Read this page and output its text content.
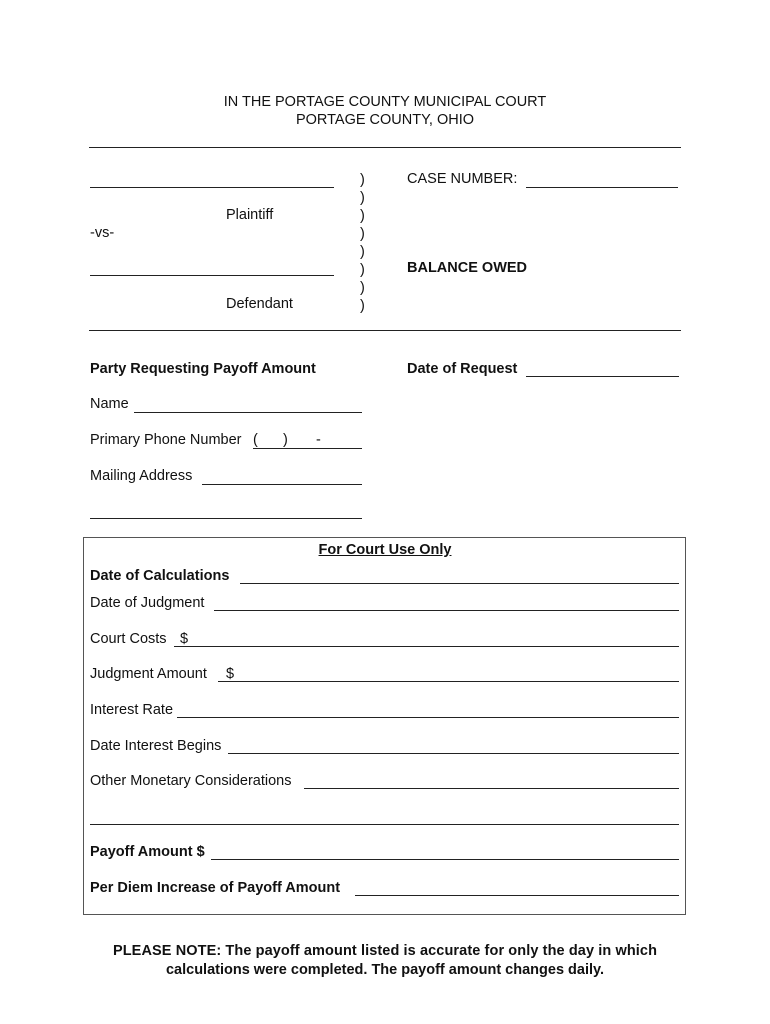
IN THE PORTAGE COUNTY MUNICIPAL COURT
PORTAGE COUNTY, OHIO
Plaintiff
-vs-
Defendant
)
)
)
)
)
)
)
)
CASE NUMBER:
BALANCE OWED
Party Requesting Payoff Amount	Date of Request
Name
Primary Phone Number ( ) -
Mailing Address
For Court Use Only
Date of Calculations
Date of Judgment
Court Costs $
Judgment Amount $
Interest Rate
Date Interest Begins
Other Monetary Considerations
Payoff Amount $
Per Diem Increase of Payoff Amount
PLEASE NOTE: The payoff amount listed is accurate for only the day in which
calculations were completed. The payoff amount changes daily.
